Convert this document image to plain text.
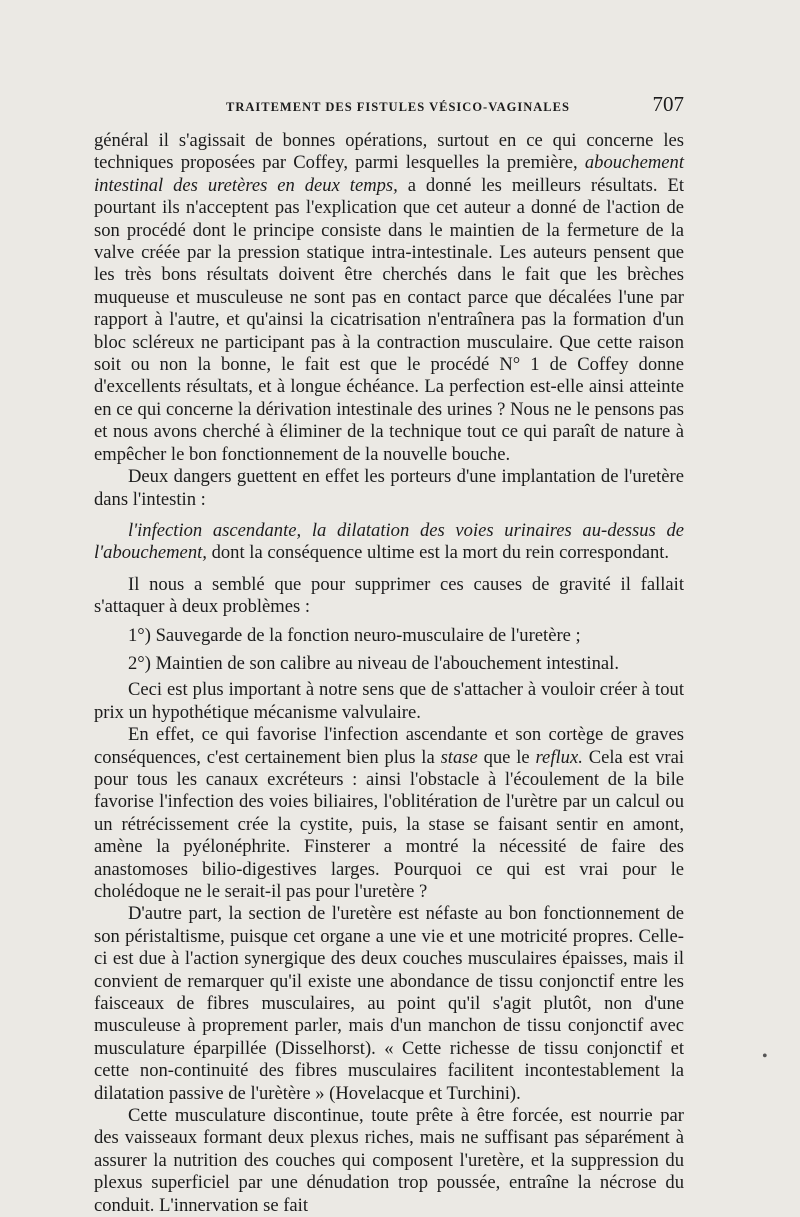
TRAITEMENT DES FISTULES VÉSICO-VAGINALES	707

général il s'agissait de bonnes opérations, surtout en ce qui concerne les techniques proposées par Coffey, parmi lesquelles la première, abouchement intestinal des uretères en deux temps, a donné les meilleurs résultats. Et pourtant ils n'acceptent pas l'explication que cet auteur a donné de l'action de son procédé dont le principe consiste dans le maintien de la fermeture de la valve créée par la pression statique intra-intestinale. Les auteurs pensent que les très bons résultats doivent être cherchés dans le fait que les brèches muqueuse et musculeuse ne sont pas en contact parce que décalées l'une par rapport à l'autre, et qu'ainsi la cicatrisation n'entraînera pas la formation d'un bloc scléreux ne participant pas à la contraction musculaire. Que cette raison soit ou non la bonne, le fait est que le procédé N° 1 de Coffey donne d'excellents résultats, et à longue échéance. La perfection est-elle ainsi atteinte en ce qui concerne la dérivation intestinale des urines ? Nous ne le pensons pas et nous avons cherché à éliminer de la technique tout ce qui paraît de nature à empêcher le bon fonctionnement de la nouvelle bouche.

Deux dangers guettent en effet les porteurs d'une implantation de l'uretère dans l'intestin :

l'infection ascendante, la dilatation des voies urinaires au-dessus de l'abouchement, dont la conséquence ultime est la mort du rein correspondant.

Il nous a semblé que pour supprimer ces causes de gravité il fallait s'attaquer à deux problèmes :

1°) Sauvegarde de la fonction neuro-musculaire de l'uretère ;

2°) Maintien de son calibre au niveau de l'abouchement intestinal.

Ceci est plus important à notre sens que de s'attacher à vouloir créer à tout prix un hypothétique mécanisme valvulaire.

En effet, ce qui favorise l'infection ascendante et son cortège de graves conséquences, c'est certainement bien plus la stase que le reflux. Cela est vrai pour tous les canaux excréteurs : ainsi l'obstacle à l'écoulement de la bile favorise l'infection des voies biliaires, l'oblitération de l'urètre par un calcul ou un rétrécissement crée la cystite, puis, la stase se faisant sentir en amont, amène la pyélonéphrite. Finsterer a montré la nécessité de faire des anastomoses bilio-digestives larges. Pourquoi ce qui est vrai pour le cholédoque ne le serait-il pas pour l'uretère ?

D'autre part, la section de l'uretère est néfaste au bon fonctionnement de son péristaltisme, puisque cet organe a une vie et une motricité propres. Celle-ci est due à l'action synergique des deux couches musculaires épaisses, mais il convient de remarquer qu'il existe une abondance de tissu conjonctif entre les faisceaux de fibres musculaires, au point qu'il s'agit plutôt, non d'une musculeuse à proprement parler, mais d'un manchon de tissu conjonctif avec musculature éparpillée (Disselhorst). « Cette richesse de tissu conjonctif et cette non-continuité des fibres musculaires facilitent incontestablement la dilatation passive de l'urètère » (Hovelacque et Turchini).

Cette musculature discontinue, toute prête à être forcée, est nourrie par des vaisseaux formant deux plexus riches, mais ne suffisant pas séparément à assurer la nutrition des couches qui composent l'uretère, et la suppression du plexus superficiel par une dénudation trop poussée, entraîne la nécrose du conduit. L'innervation se fait

•
